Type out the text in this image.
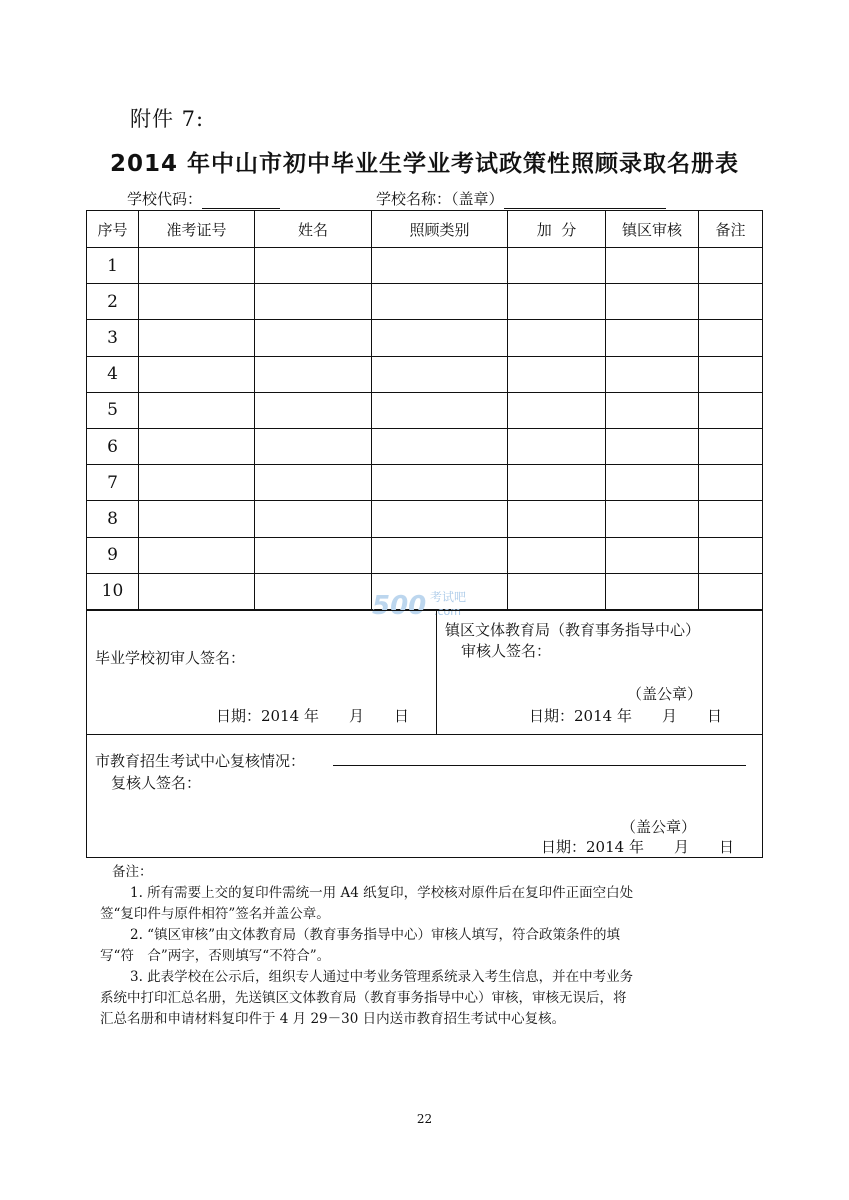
附件 7:
2014 年中山市初中毕业生学业考试政策性照顾录取名册表
学校代码：	学校名称：（盖章）
序号	准考证号	姓名	照顾类别	加  分	镇区审核	备注
1						
2						
3						
4						
5						
6						
7						
8						
9						
10							500 考试吧
.com
毕业学校初审人签名：
日期：2014 年　　月　　日
镇区文体教育局（教育事务指导中心）
审核人签名：
（盖公章）
日期：2014 年　　月　　日
市教育招生考试中心复核情况：
复核人签名：
（盖公章）
日期：2014 年　　月　　日

备注：

1. 所有需要上交的复印件需统一用 A4 纸复印，学校核对原件后在复印件正面空白处

签“复印件与原件相符”签名并盖公章。

2. “镇区审核”由文体教育局（教育事务指导中心）审核人填写，符合政策条件的填

写“符　合”两字，否则填写“不符合”。

3. 此表学校在公示后，组织专人通过中考业务管理系统录入考生信息，并在中考业务

系统中打印汇总名册，先送镇区文体教育局（教育事务指导中心）审核，审核无误后，将

汇总名册和申请材料复印件于 4 月 29－30 日内送市教育招生考试中心复核。

22
